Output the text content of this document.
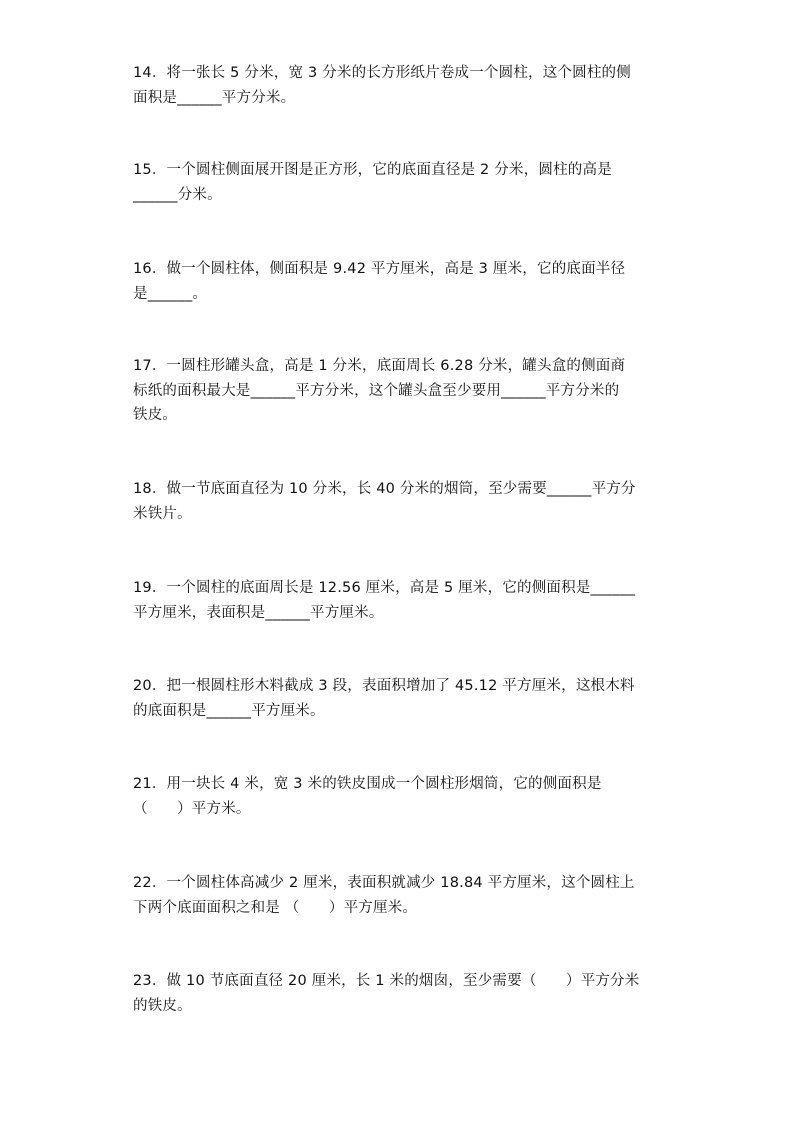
14．将一张长 5 分米，宽 3 分米的长方形纸片卷成一个圆柱，这个圆柱的侧

面积是______平方分米。

15．一个圆柱侧面展开图是正方形，它的底面直径是 2 分米，圆柱的高是

______分米。

16．做一个圆柱体，侧面积是 9.42 平方厘米，高是 3 厘米，它的底面半径

是______。

17．一圆柱形罐头盒，高是 1 分米，底面周长 6.28 分米，罐头盒的侧面商

标纸的面积最大是______平方分米，这个罐头盒至少要用______平方分米的

铁皮。

18．做一节底面直径为 10 分米，长 40 分米的烟筒，至少需要______平方分

米铁片。

19．一个圆柱的底面周长是 12.56 厘米，高是 5 厘米，它的侧面积是______

平方厘米，表面积是______平方厘米。

20．把一根圆柱形木料截成 3 段，表面积增加了 45.12 平方厘米，这根木料

的底面积是______平方厘米。

21．用一块长 4 米，宽 3 米的铁皮围成一个圆柱形烟筒，它的侧面积是

（　　）平方米。

22．一个圆柱体高减少 2 厘米，表面积就减少 18.84 平方厘米，这个圆柱上

下两个底面面积之和是 （　　）平方厘米。

23．做 10 节底面直径 20 厘米，长 1 米的烟囱，至少需要（　　）平方分米

的铁皮。
